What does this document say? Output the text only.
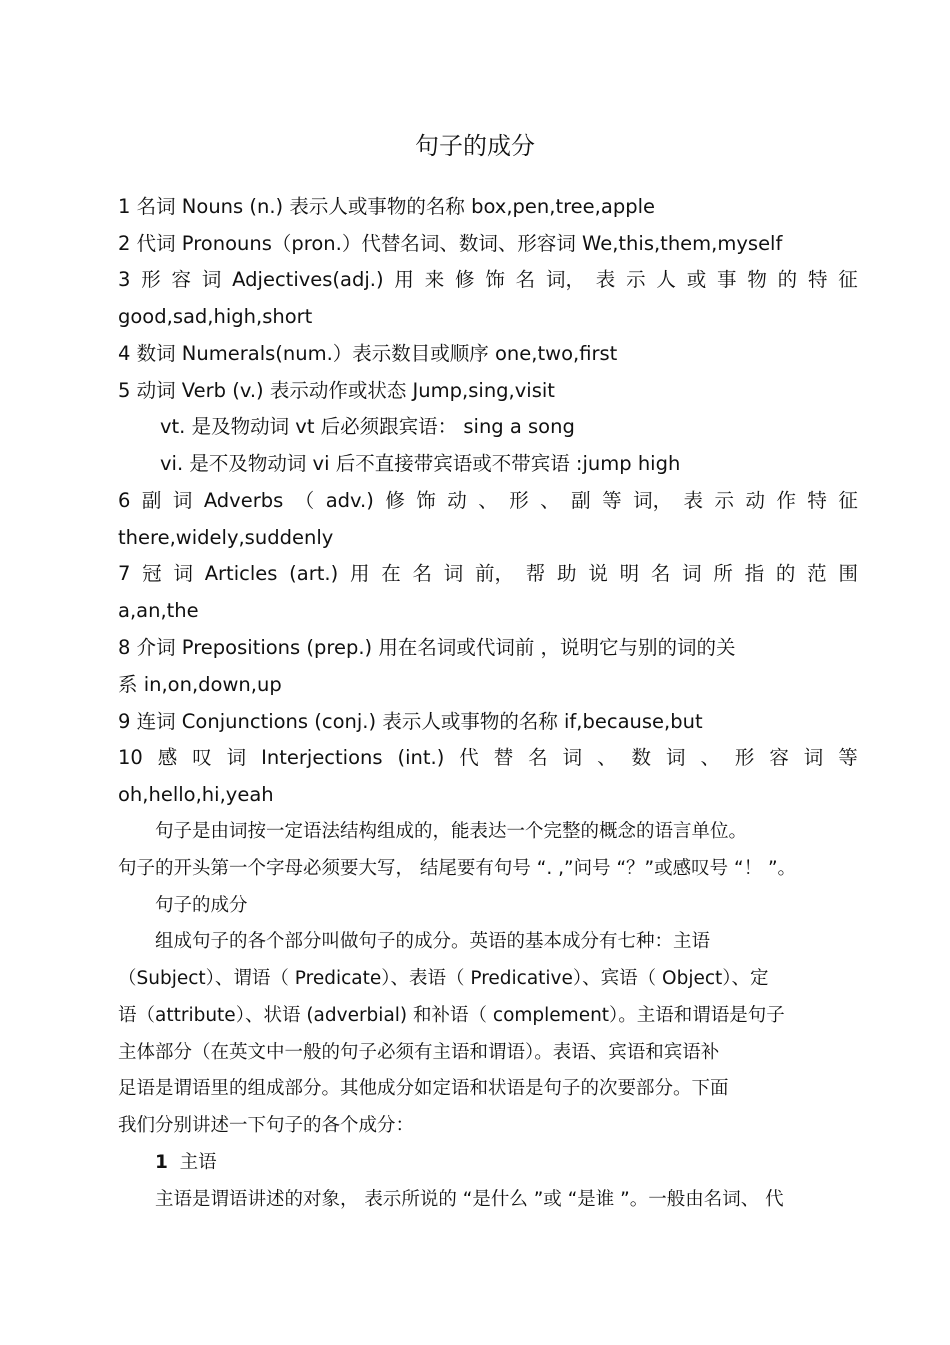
句子的成分
1 名词 Nouns (n.) 表示人或事物的名称 box,pen,tree,apple
2 代词 Pronouns（pron.）代替名词、数词、形容词 We,this,them,myself
3 形 容 词 Adjectives(adj.) 用 来 修 饰 名 词， 表 示 人 或 事 物 的 特 征
good,sad,high,short
4 数词 Numerals(num.）表示数目或顺序 one,two,first
5 动词 Verb (v.) 表示动作或状态 Jump,sing,visit
vt. 是及物动词 vt 后必须跟宾语： sing a song
vi. 是不及物动词 vi 后不直接带宾语或不带宾语 :jump high
6 副 词 Adverbs （ adv.) 修 饰 动 、 形 、 副 等 词， 表 示 动 作 特 征
there,widely,suddenly
7 冠 词 Articles (art.) 用 在 名 词 前， 帮 助 说 明 名 词 所 指 的 范 围
a,an,the
8 介词 Prepositions (prep.) 用在名词或代词前 ，说明它与别的词的关
系 in,on,down,up
9 连词 Conjunctions (conj.) 表示人或事物的名称 if,because,but
10 感 叹 词 Interjections (int.) 代 替 名 词 、 数 词 、 形 容 词 等
oh,hello,hi,yeah
句子是由词按一定语法结构组成的，能表达一个完整的概念的语言单位。
句子的开头第一个字母必须要大写， 结尾要有句号 “. ,”问号 “？”或感叹号 “！ ”。
句子的成分
组成句子的各个部分叫做句子的成分。英语的基本成分有七种：主语
（Subject）、谓语（ Predicate）、表语（ Predicative）、宾语（ Object）、定
语（attribute）、状语 (adverbial) 和补语（ complement）。主语和谓语是句子
主体部分（在英文中一般的句子必须有主语和谓语）。表语、宾语和宾语补
足语是谓语里的组成部分。其他成分如定语和状语是句子的次要部分。下面
我们分别讲述一下句子的各个成分：
1 主语
主语是谓语讲述的对象， 表示所说的 “是什么 ”或 “是谁 ”。一般由名词、 代
